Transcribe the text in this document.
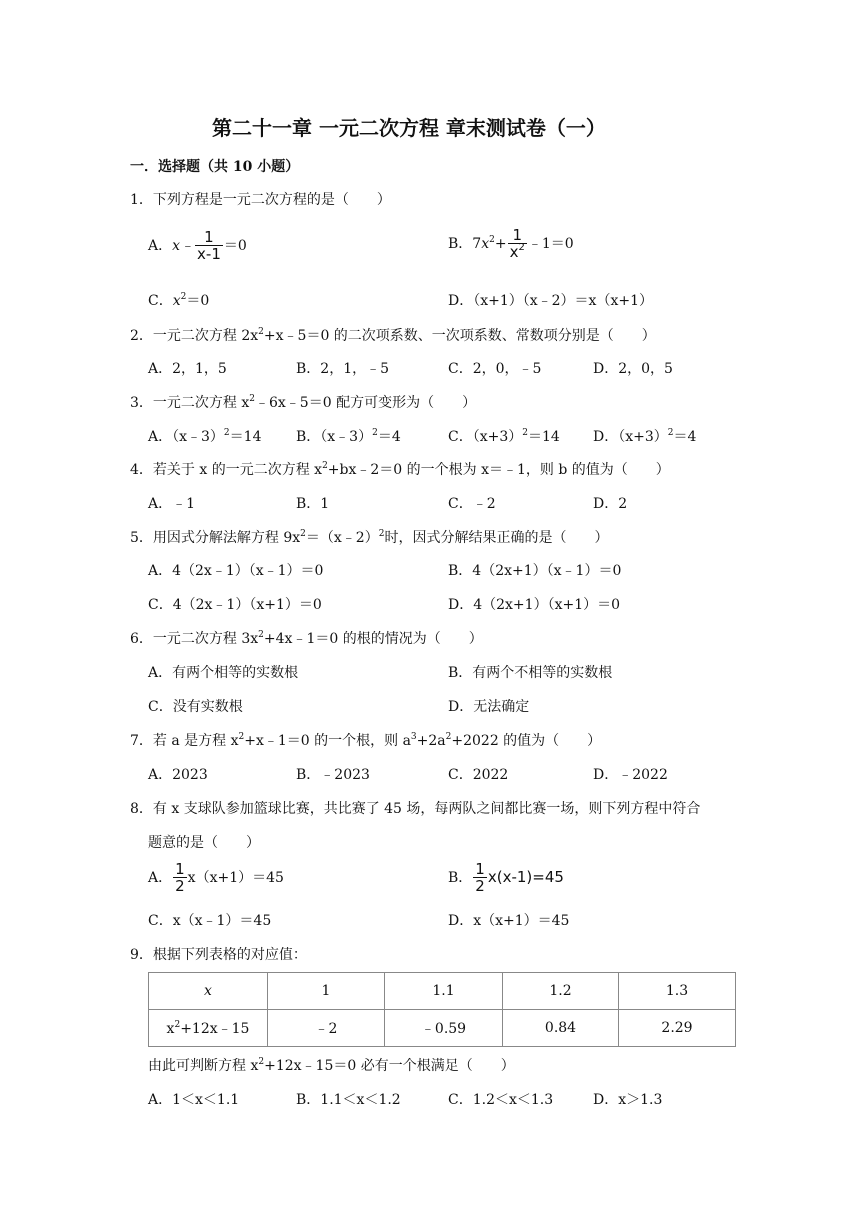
第二十一章 一元二次方程 章末测试卷（一）
一．选择题（共 10 小题）
1．下列方程是一元二次方程的是（　　）
A．x﹣ $\frac{1}{x-1} =0$	B．$7x^2+ \frac{1}{x^2}$ ﹣1＝0
C．$x^2=0$	D．（x+1）（x﹣2）＝x（x+1）
2．一元二次方程 $2x^2+x﹣5=0$ 的二次项系数、一次项系数、常数项分别是（　　）
A．2，1，5	B．2，1，﹣5	C．2，0，﹣5	D．2，0，5
3．一元二次方程 $x^2﹣6x﹣5=0$ 配方可变形为（　　）
A．（x﹣3）$^2$＝14 B．（x﹣3）$^2$＝4	C．$(x+3)^2=14$ D．$(x+3)^2=4$
4．若关于 x 的一元二次方程 $x^2+bx﹣2=0$ 的一个根为 x＝﹣1，则 b 的值为（　　）
A．﹣1	B．1	C．﹣2	D．2
5．用因式分解法解方程 $9x^2=(x﹣2)^2$时，因式分解结果正确的是（　　）
A．4（2x﹣1）（x﹣1）＝0	B．4（2x+1）（x﹣1）＝0
C．4（2x﹣1）（x+1）＝0	D．4（2x+1）（x+1）＝0
6．一元二次方程 $3x^2+4x﹣1=0$ 的根的情况为（　　）
A．有两个相等的实数根	B．有两个不相等的实数根
C．没有实数根	D．无法确定
7．若 a 是方程 $x^2+x﹣1=0$ 的一个根，则 $a^3+2a^2+2022$ 的值为（　　）
A．2023	B．﹣2023	C．2022	D．﹣2022
8．有 x 支球队参加篮球比赛，共比赛了 45 场，每两队之间都比赛一场，则下列方程中符合
题意的是（　　）
A． $\frac{1}{2} x(x+1)=45$	B． $\frac{1}{2} x(x-1)=45$
C．x（x﹣1）＝45	D．x（x+1）＝45
9．根据下列表格的对应值：
x	1	1.1	1.2	1.3
$x^2+12x﹣15$	﹣2	﹣0.59	0.84	2.29
由此可判断方程 $x^2+12x﹣15=0$ 必有一个根满足（　　）
A．1＜x＜1.1	B．1.1＜x＜1.2	C．1.2＜x＜1.3	D．x＞1.3
